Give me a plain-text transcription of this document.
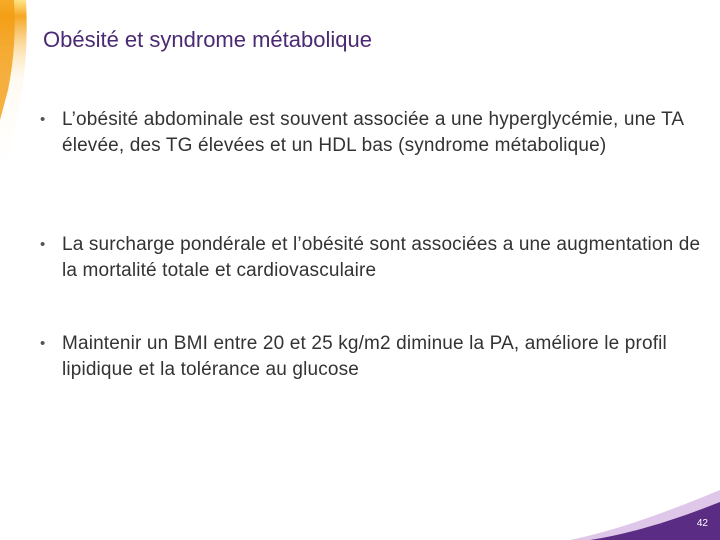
Obésité et syndrome métabolique
• L’obésité abdominale est souvent associée a une hyperglycémie, une TA élevée, des TG élevées et un HDL bas (syndrome métabolique)
• La surcharge pondérale et l’obésité sont associées a une augmentation de la mortalité totale et cardiovasculaire
• Maintenir un BMI entre 20 et 25 kg/m2 diminue la PA, améliore le profil lipidique et la tolérance au glucose
42
